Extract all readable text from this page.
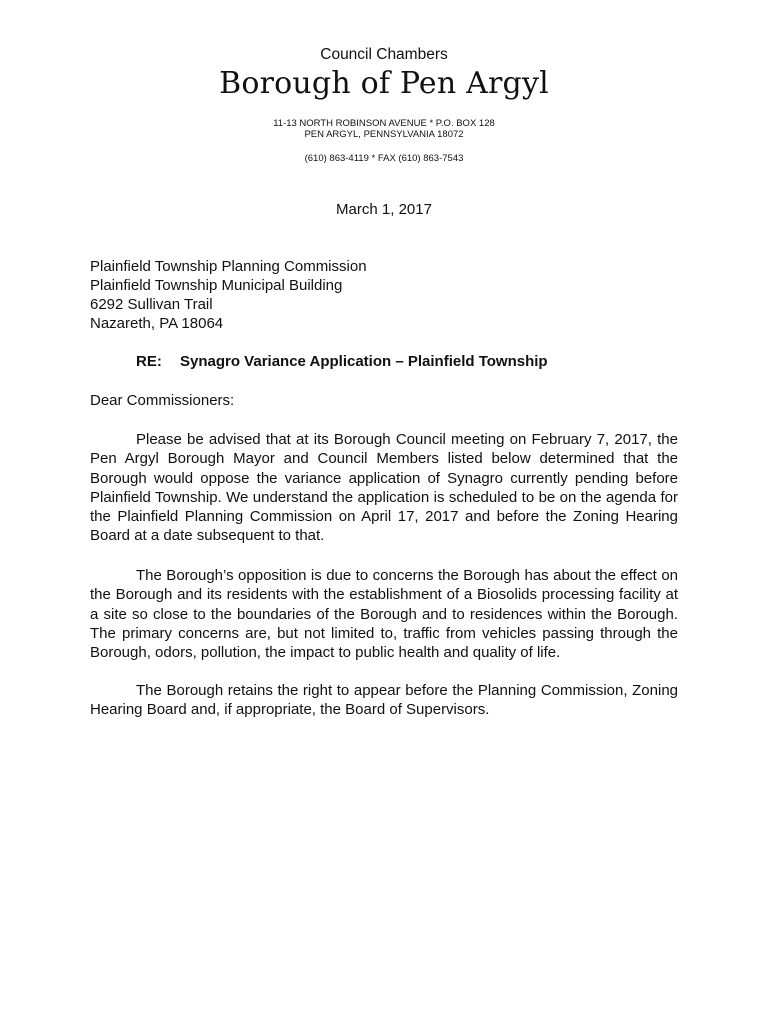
Council Chambers
Borough of Pen Argyl
11-13 NORTH ROBINSON AVENUE * P.O. BOX 128
PEN ARGYL, PENNSYLVANIA 18072
(610) 863-4119 * FAX (610) 863-7543
March 1, 2017
Plainfield Township Planning Commission
Plainfield Township Municipal Building
6292 Sullivan Trail
Nazareth, PA 18064
RE: Synagro Variance Application – Plainfield Township
Dear Commissioners:
Please be advised that at its Borough Council meeting on February 7, 2017, the Pen Argyl Borough Mayor and Council Members listed below determined that the Borough would oppose the variance application of Synagro currently pending before Plainfield Township. We understand the application is scheduled to be on the agenda for the Plainfield Planning Commission on April 17, 2017 and before the Zoning Hearing Board at a date subsequent to that.
The Borough’s opposition is due to concerns the Borough has about the effect on the Borough and its residents with the establishment of a Biosolids processing facility at a site so close to the boundaries of the Borough and to residences within the Borough. The primary concerns are, but not limited to, traffic from vehicles passing through the Borough, odors, pollution, the impact to public health and quality of life.
The Borough retains the right to appear before the Planning Commission, Zoning Hearing Board and, if appropriate, the Board of Supervisors.
